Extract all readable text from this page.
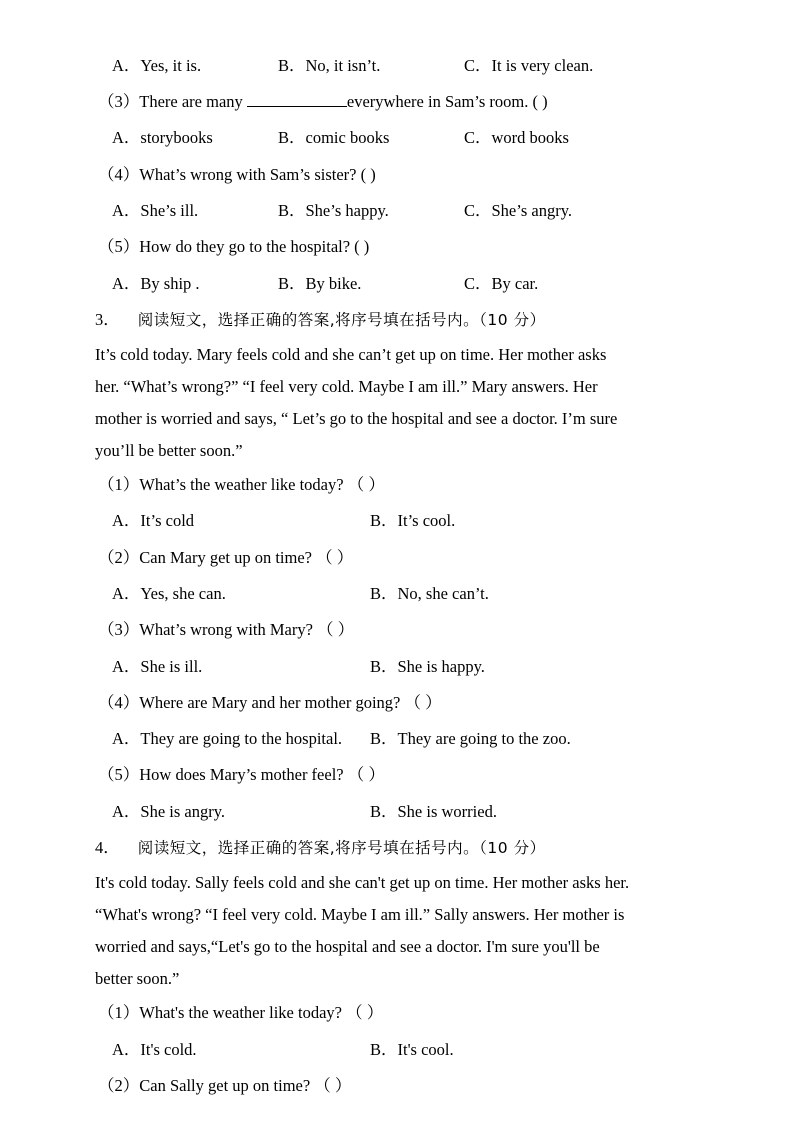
A．Yes, it is.	B．No, it isn’t.	C．It is very clean.
（3）There are many	everywhere in Sam’s room. ( )
A．storybooks	B．comic books	C．word books
（4）What’s wrong with Sam’s sister? ( )
A．She’s ill.	B．She’s happy.	C．She’s angry.
（5）How do they go to the hospital? ( )
A．By ship .	B．By bike.	C．By car.
3． 阅读短文，选择正确的答案,将序号填在括号内。（10 分）
It’s cold today. Mary feels cold and she can’t get up on time. Her mother asks
her. “What’s wrong?” “I feel very cold. Maybe I am ill.” Mary answers. Her
mother is worried and says, “ Let’s go to the hospital and see a doctor. I’m sure
you’ll be better soon.”
（1）What’s the weather like today? （ ）
A．It’s cold	B．It’s cool.
（2）Can Mary get up on time? （ ）
A．Yes, she can.	B．No, she can’t.
（3）What’s wrong with Mary? （ ）
A．She is ill.	B．She is happy.
（4）Where are Mary and her mother going? （ ）
A．They are going to the hospital. B．They are going to the zoo.
（5）How does Mary’s mother feel? （ ）
A．She is angry.	B．She is worried.
4． 阅读短文，选择正确的答案,将序号填在括号内。（10 分）
It's cold today. Sally feels cold and she can't get up on time. Her mother asks her.
“What's wrong? “I feel very cold. Maybe I am ill.” Sally answers. Her mother is
worried and says,“Let's go to the hospital and see a doctor. I'm sure you'll be
better soon.”
（1）What's the weather like today? （ ）
A．It's cold.	B．It's cool.
（2）Can Sally get up on time? （ ）
